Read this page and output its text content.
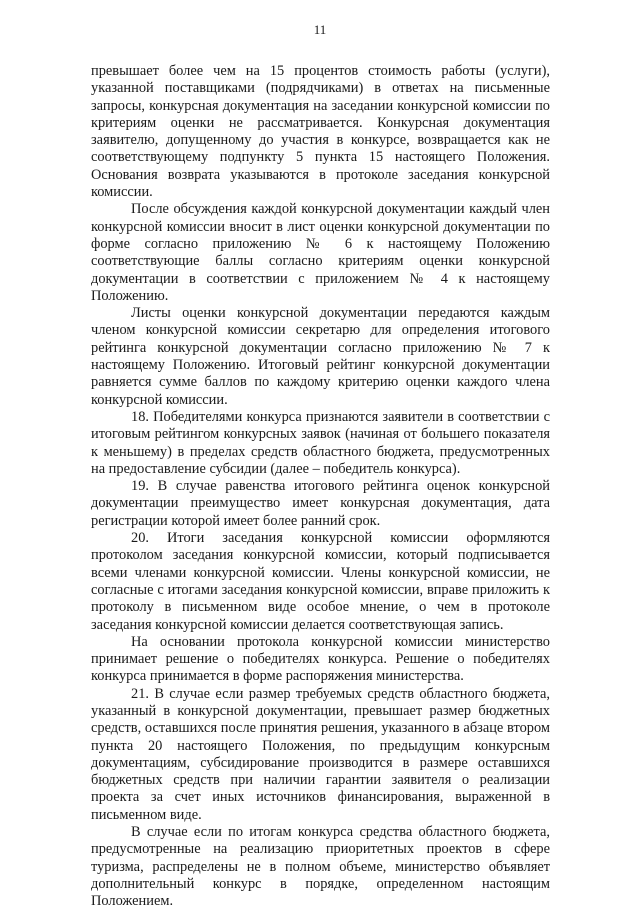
11

превышает более чем на 15 процентов стоимость работы (услуги), указанной поставщиками (подрядчиками) в ответах на письменные запросы, конкурсная документация на заседании конкурсной комиссии по критериям оценки не рассматривается. Конкурсная документация заявителю, допущенному до участия в конкурсе, возвращается как не соответствующему подпункту 5 пункта 15 настоящего Положения. Основания возврата указываются в протоколе заседания конкурсной комиссии.

После обсуждения каждой конкурсной документации каждый член конкурсной комиссии вносит в лист оценки конкурсной документации по форме согласно приложению № 6 к настоящему Положению соответствующие баллы согласно критериям оценки конкурсной документации в соответствии с приложением № 4 к настоящему Положению.

Листы оценки конкурсной документации передаются каждым членом конкурсной комиссии секретарю для определения итогового рейтинга конкурсной документации согласно приложению № 7 к настоящему Положению. Итоговый рейтинг конкурсной документации равняется сумме баллов по каждому критерию оценки каждого члена конкурсной комиссии.

18. Победителями конкурса признаются заявители в соответствии с итоговым рейтингом конкурсных заявок (начиная от большего показателя к меньшему) в пределах средств областного бюджета, предусмотренных на предоставление субсидии (далее – победитель конкурса).

19. В случае равенства итогового рейтинга оценок конкурсной документации преимущество имеет конкурсная документация, дата регистрации которой имеет более ранний срок.

20. Итоги заседания конкурсной комиссии оформляются протоколом заседания конкурсной комиссии, который подписывается всеми членами конкурсной комиссии. Члены конкурсной комиссии, не согласные с итогами заседания конкурсной комиссии, вправе приложить к протоколу в письменном виде особое мнение, о чем в протоколе заседания конкурсной комиссии делается соответствующая запись.

На основании протокола конкурсной комиссии министерство принимает решение о победителях конкурса. Решение о победителях конкурса принимается в форме распоряжения министерства.

21. В случае если размер требуемых средств областного бюджета, указанный в конкурсной документации, превышает размер бюджетных средств, оставшихся после принятия решения, указанного в абзаце втором пункта 20 настоящего Положения, по предыдущим конкурсным документациям, субсидирование производится в размере оставшихся бюджетных средств при наличии гарантии заявителя о реализации проекта за счет иных источников финансирования, выраженной в письменном виде.

В случае если по итогам конкурса средства областного бюджета, предусмотренные на реализацию приоритетных проектов в сфере туризма, распределены не в полном объеме, министерство объявляет дополнительный конкурс в порядке, определенном настоящим Положением.
